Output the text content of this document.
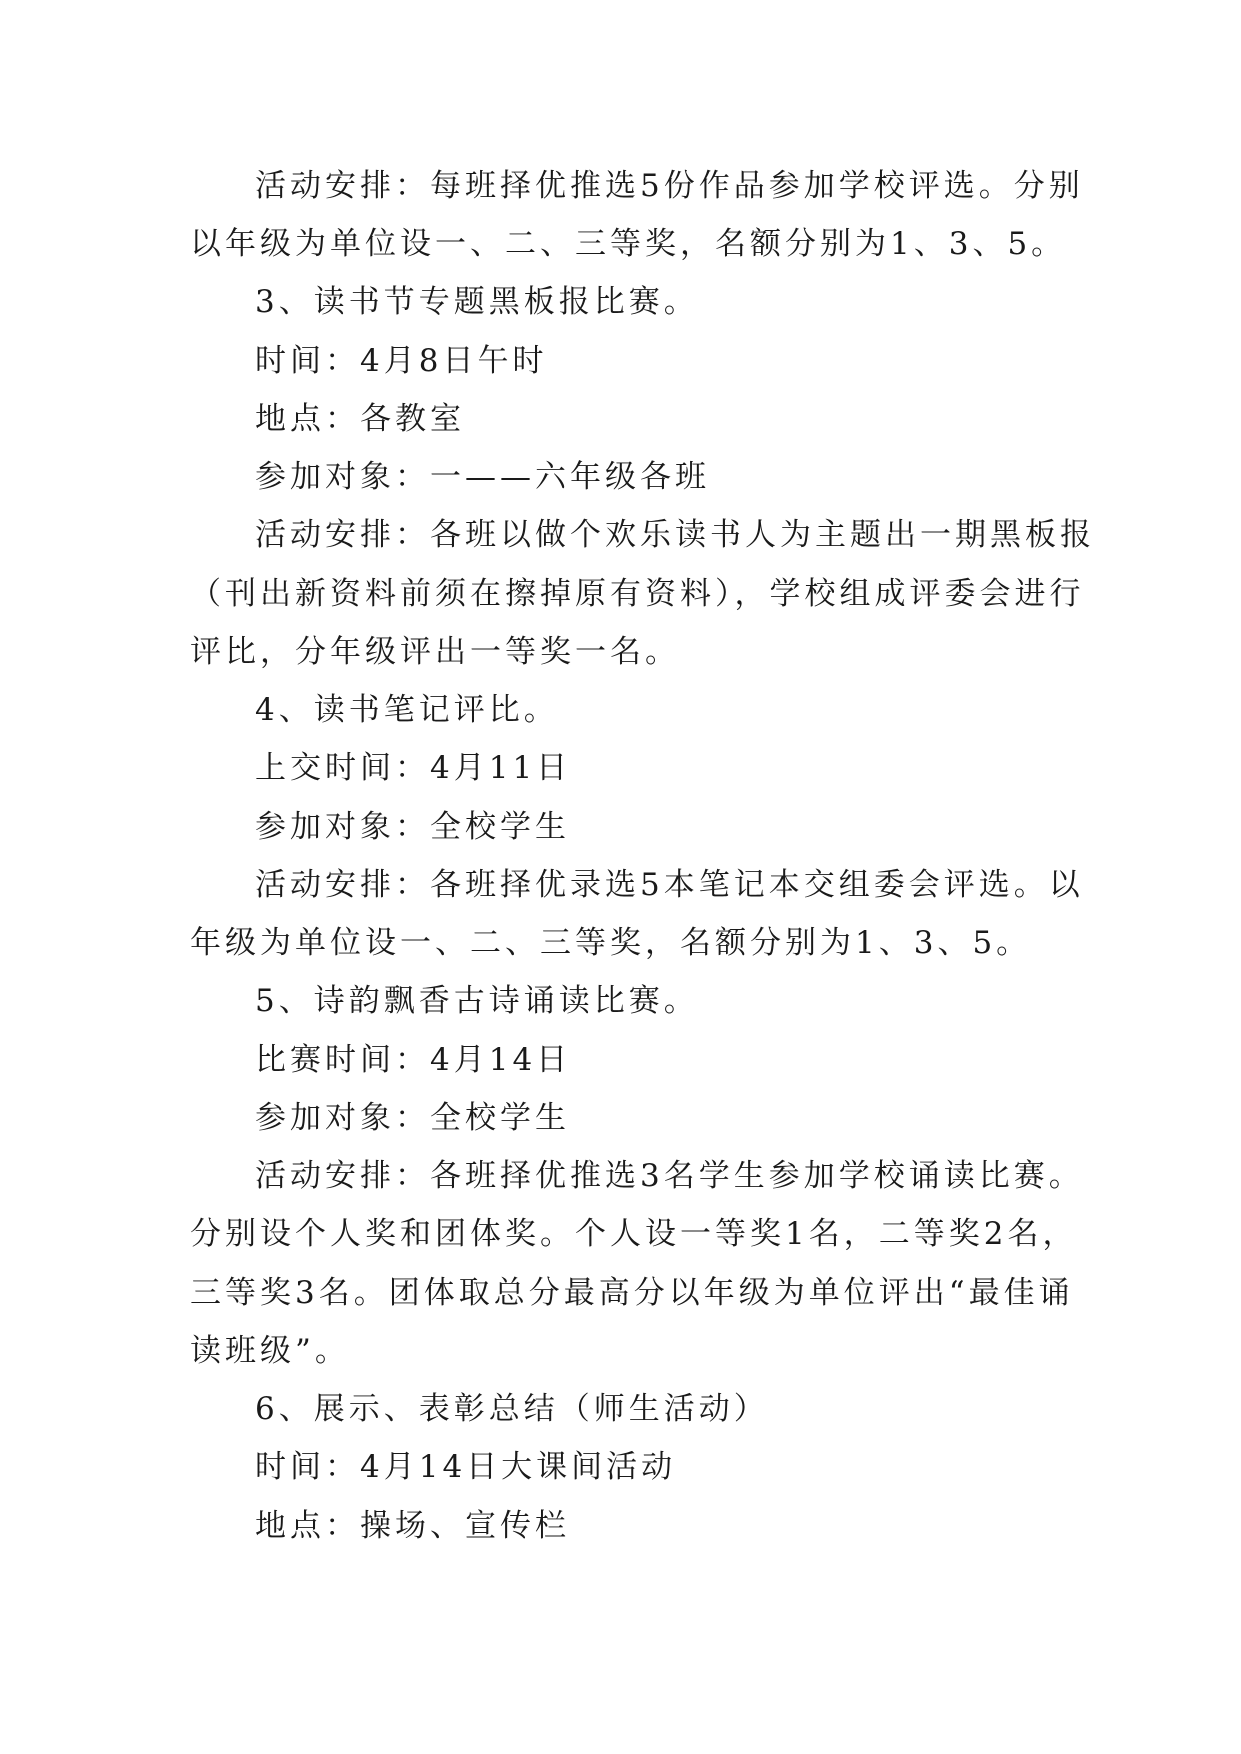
活动安排：每班择优推选5份作品参加学校评选。分别
以年级为单位设一、二、三等奖，名额分别为1、3、5。
3、读书节专题黑板报比赛。
时间：4月8日午时
地点：各教室
参加对象：一——六年级各班
活动安排：各班以做个欢乐读书人为主题出一期黑板报
（刊出新资料前须在擦掉原有资料），学校组成评委会进行
评比，分年级评出一等奖一名。
4、读书笔记评比。
上交时间：4月11日
参加对象：全校学生
活动安排：各班择优录选5本笔记本交组委会评选。以
年级为单位设一、二、三等奖，名额分别为1、3、5。
5、诗韵飘香古诗诵读比赛。
比赛时间：4月14日
参加对象：全校学生
活动安排：各班择优推选3名学生参加学校诵读比赛。
分别设个人奖和团体奖。个人设一等奖1名，二等奖2名，
三等奖3名。团体取总分最高分以年级为单位评出“最佳诵
读班级”。
6、展示、表彰总结（师生活动）
时间：4月14日大课间活动
地点：操场、宣传栏
